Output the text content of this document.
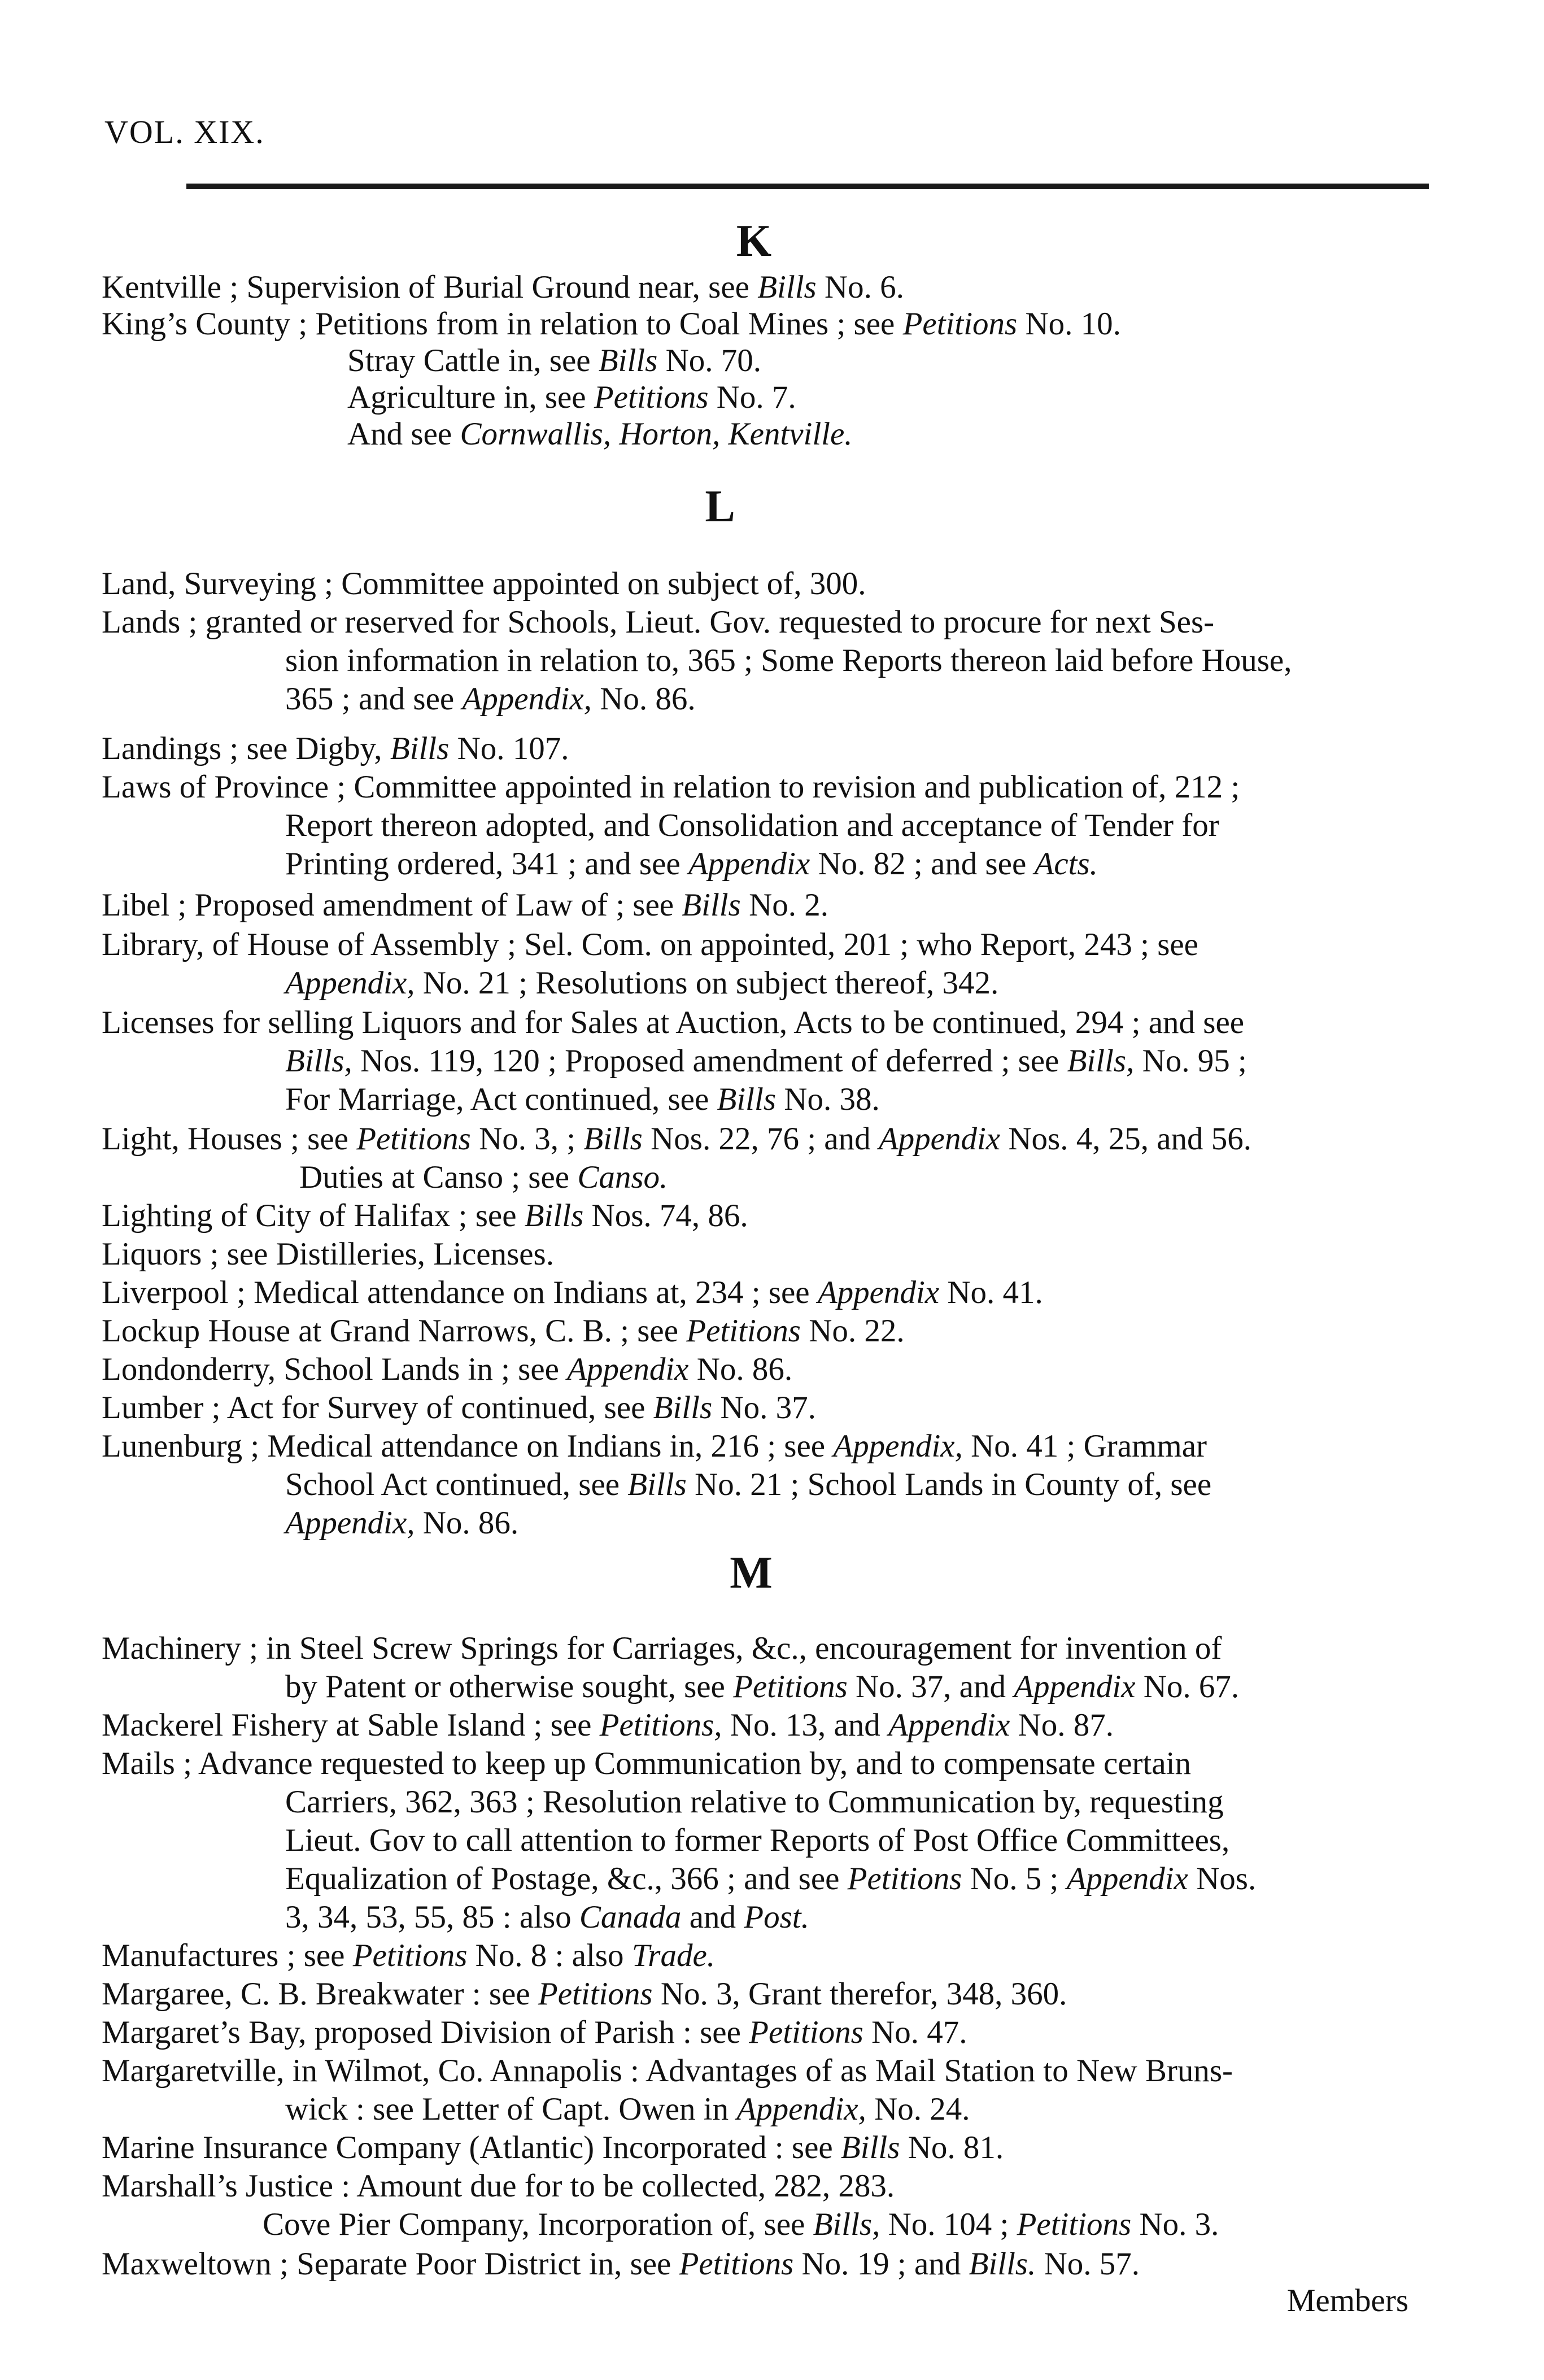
VOL. XIX.
K
Kentville ; Supervision of Burial Ground near, see Bills No. 6.
King’s County ; Petitions from in relation to Coal Mines ; see Petitions No. 10.
Stray Cattle in, see Bills No. 70.
Agriculture in, see Petitions No. 7.
And see Cornwallis, Horton, Kentville.
L
Land, Surveying ; Committee appointed on subject of, 300.
Lands ; granted or reserved for Schools, Lieut. Gov. requested to procure for next Ses-
sion information in relation to, 365 ; Some Reports thereon laid before House,
365 ; and see Appendix, No. 86.
Landings ; see Digby, Bills No. 107.
Laws of Province ; Committee appointed in relation to revision and publication of, 212 ;
Report thereon adopted, and Consolidation and acceptance of Tender for
Printing ordered, 341 ; and see Appendix No. 82 ; and see Acts.
Libel ; Proposed amendment of Law of ; see Bills No. 2.
Library, of House of Assembly ; Sel. Com. on appointed, 201 ; who Report, 243 ; see
Appendix, No. 21 ; Resolutions on subject thereof, 342.
Licenses for selling Liquors and for Sales at Auction, Acts to be continued, 294 ; and see
Bills, Nos. 119, 120 ; Proposed amendment of deferred ; see Bills, No. 95 ;
For Marriage, Act continued, see Bills No. 38.
Light, Houses ; see Petitions No. 3, ; Bills Nos. 22, 76 ; and Appendix Nos. 4, 25, and 56.
Duties at Canso ; see Canso.
Lighting of City of Halifax ; see Bills Nos. 74, 86.
Liquors ; see Distilleries, Licenses.
Liverpool ; Medical attendance on Indians at, 234 ; see Appendix No. 41.
Lockup House at Grand Narrows, C. B. ; see Petitions No. 22.
Londonderry, School Lands in ; see Appendix No. 86.
Lumber ; Act for Survey of continued, see Bills No. 37.
Lunenburg ; Medical attendance on Indians in, 216 ; see Appendix, No. 41 ; Grammar
School Act continued, see Bills No. 21 ; School Lands in County of, see
Appendix, No. 86.
M
Machinery ; in Steel Screw Springs for Carriages, &c., encouragement for invention of
by Patent or otherwise sought, see Petitions No. 37, and Appendix No. 67.
Mackerel Fishery at Sable Island ; see Petitions, No. 13, and Appendix No. 87.
Mails ; Advance requested to keep up Communication by, and to compensate certain
Carriers, 362, 363 ; Resolution relative to Communication by, requesting
Lieut. Gov to call attention to former Reports of Post Office Committees,
Equalization of Postage, &c., 366 ; and see Petitions No. 5 ; Appendix Nos.
3, 34, 53, 55, 85 : also Canada and Post.
Manufactures ; see Petitions No. 8 : also Trade.
Margaree, C. B. Breakwater : see Petitions No. 3, Grant therefor, 348, 360.
Margaret’s Bay, proposed Division of Parish : see Petitions No. 47.
Margaretville, in Wilmot, Co. Annapolis : Advantages of as Mail Station to New Bruns-
wick : see Letter of Capt. Owen in Appendix, No. 24.
Marine Insurance Company (Atlantic) Incorporated : see Bills No. 81.
Marshall’s Justice : Amount due for to be collected, 282, 283.
Cove Pier Company, Incorporation of, see Bills, No. 104 ; Petitions No. 3.
Maxweltown ; Separate Poor District in, see Petitions No. 19 ; and Bills. No. 57.
Members
